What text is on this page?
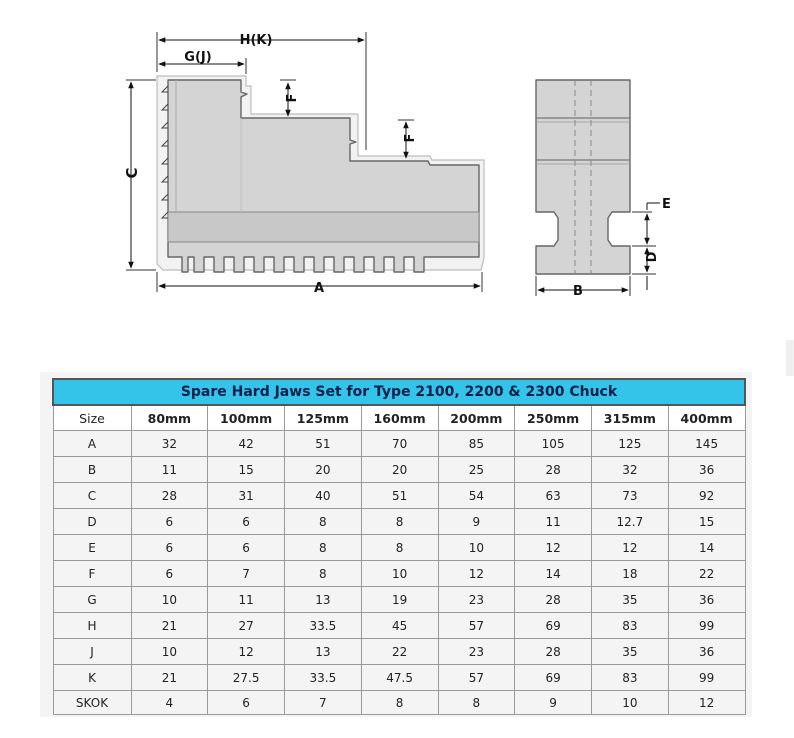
H(K)
G(J)
F
F
C
A
E
D
B
Spare Hard Jaws Set for Type 2100, 2200 & 2300 Chuck								
Size	80mm	100mm	125mm	160mm	200mm	250mm	315mm	400mm
A	32	42	51	70	85	105	125	145
B	11	15	20	20	25	28	32	36
C	28	31	40	51	54	63	73	92
D	6	6	8	8	9	11	12.7	15
E	6	6	8	8	10	12	12	14
F	6	7	8	10	12	14	18	22
G	10	11	13	19	23	28	35	36
H	21	27	33.5	45	57	69	83	99
J	10	12	13	22	23	28	35	36
K	21	27.5	33.5	47.5	57	69	83	99
SKOK	4	6	7	8	8	9	10	12
